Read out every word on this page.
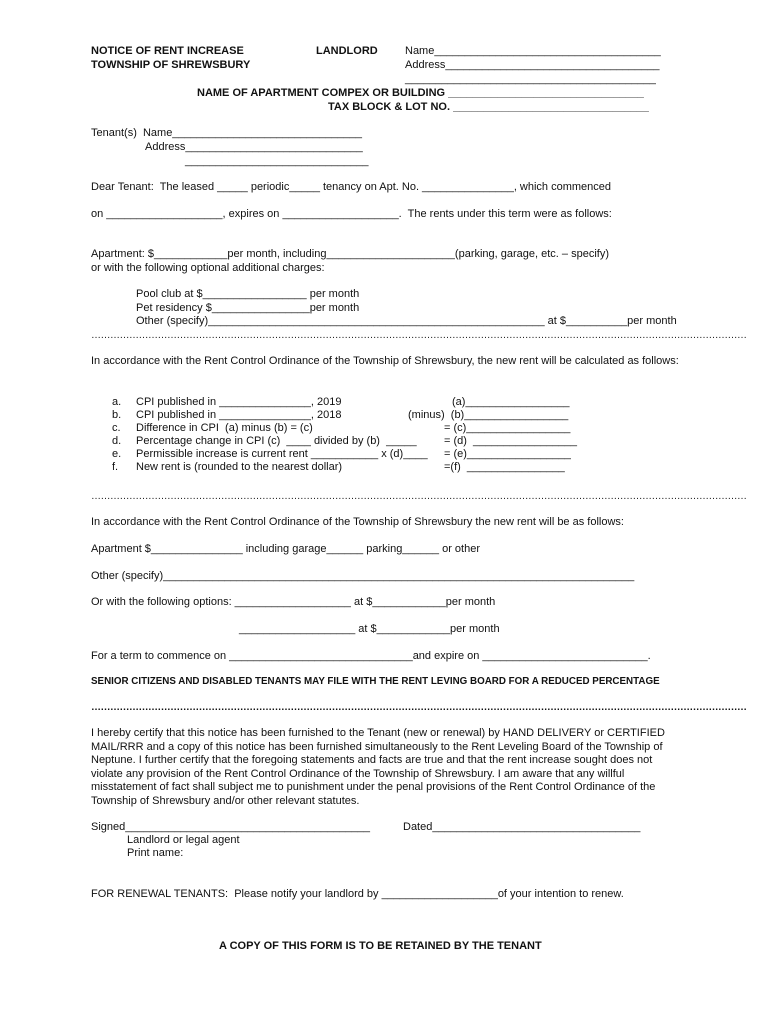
NOTICE OF RENT INCREASE

TOWNSHIP OF SHREWSBURY

LANDLORD Name_____________________________________

Address___________________________________

_________________________________________

NAME OF APARTMENT COMPEX OR BUILDING ________________________________

TAX BLOCK & LOT NO. ________________________________

Tenant(s)  Name_______________________________

Address_____________________________

______________________________

Dear Tenant:  The leased _____ periodic_____ tenancy on Apt. No. _______________, which commenced

on ___________________, expires on ___________________.  The rents under this term were as follows:

Apartment: $____________per month, including_____________________(parking, garage, etc. – specify)

or with the following optional additional charges:

Pool club at $_________________ per month

Pet residency $________________per month

Other (specify)_______________________________________________________ at $__________per month

………………………………………………………………………………………………………………………………………………………………………………………

In accordance with the Rent Control Ordinance of the Township of Shrewsbury, the new rent will be calculated as follows:

a. CPI published in _______________, 2019	(a)_________________

b. CPI published in _______________, 2018	(minus)  (b)_________________

c. Difference in CPI  (a) minus (b) = (c)	= (c)_________________

d. Percentage change in CPI (c)  ____ divided by (b)  _____ = (d)  _________________

e. Permissible increase is current rent ___________ x (d)____ = (e)_________________

f. New rent is (rounded to the nearest dollar)	=(f)  ________________

………………………………………………………………………………………………………………………………………………………………………………………

In accordance with the Rent Control Ordinance of the Township of Shrewsbury the new rent will be as follows:

Apartment $_______________ including garage______ parking______ or other

Other (specify)_____________________________________________________________________________

Or with the following options: ___________________ at $____________per month

___________________ at $____________per month

For a term to commence on ______________________________and expire on ___________________________.

SENIOR CITIZENS AND DISABLED TENANTS MAY FILE WITH THE RENT LEVING BOARD FOR A REDUCED PERCENTAGE

………………………………………………………………………………………………………………………………………………………………………………………

I hereby certify that this notice has been furnished to the Tenant (new or renewal) by HAND DELIVERY or CERTIFIED MAIL/RRR and a copy of this notice has been furnished simultaneously to the Rent Leveling Board of the Township of Neptune. I further certify that the foregoing statements and facts are true and that the rent increase sought does not violate any provision of the Rent Control Ordinance of the Township of Shrewsbury. I am aware that any willful misstatement of fact shall subject me to punishment under the penal provisions of the Rent Control Ordinance of the Township of Shrewsbury and/or other relevant statutes.

Signed________________________________________	Dated__________________________________

Landlord or legal agent

Print name:

FOR RENEWAL TENANTS:  Please notify your landlord by ___________________of your intention to renew.

A COPY OF THIS FORM IS TO BE RETAINED BY THE TENANT
